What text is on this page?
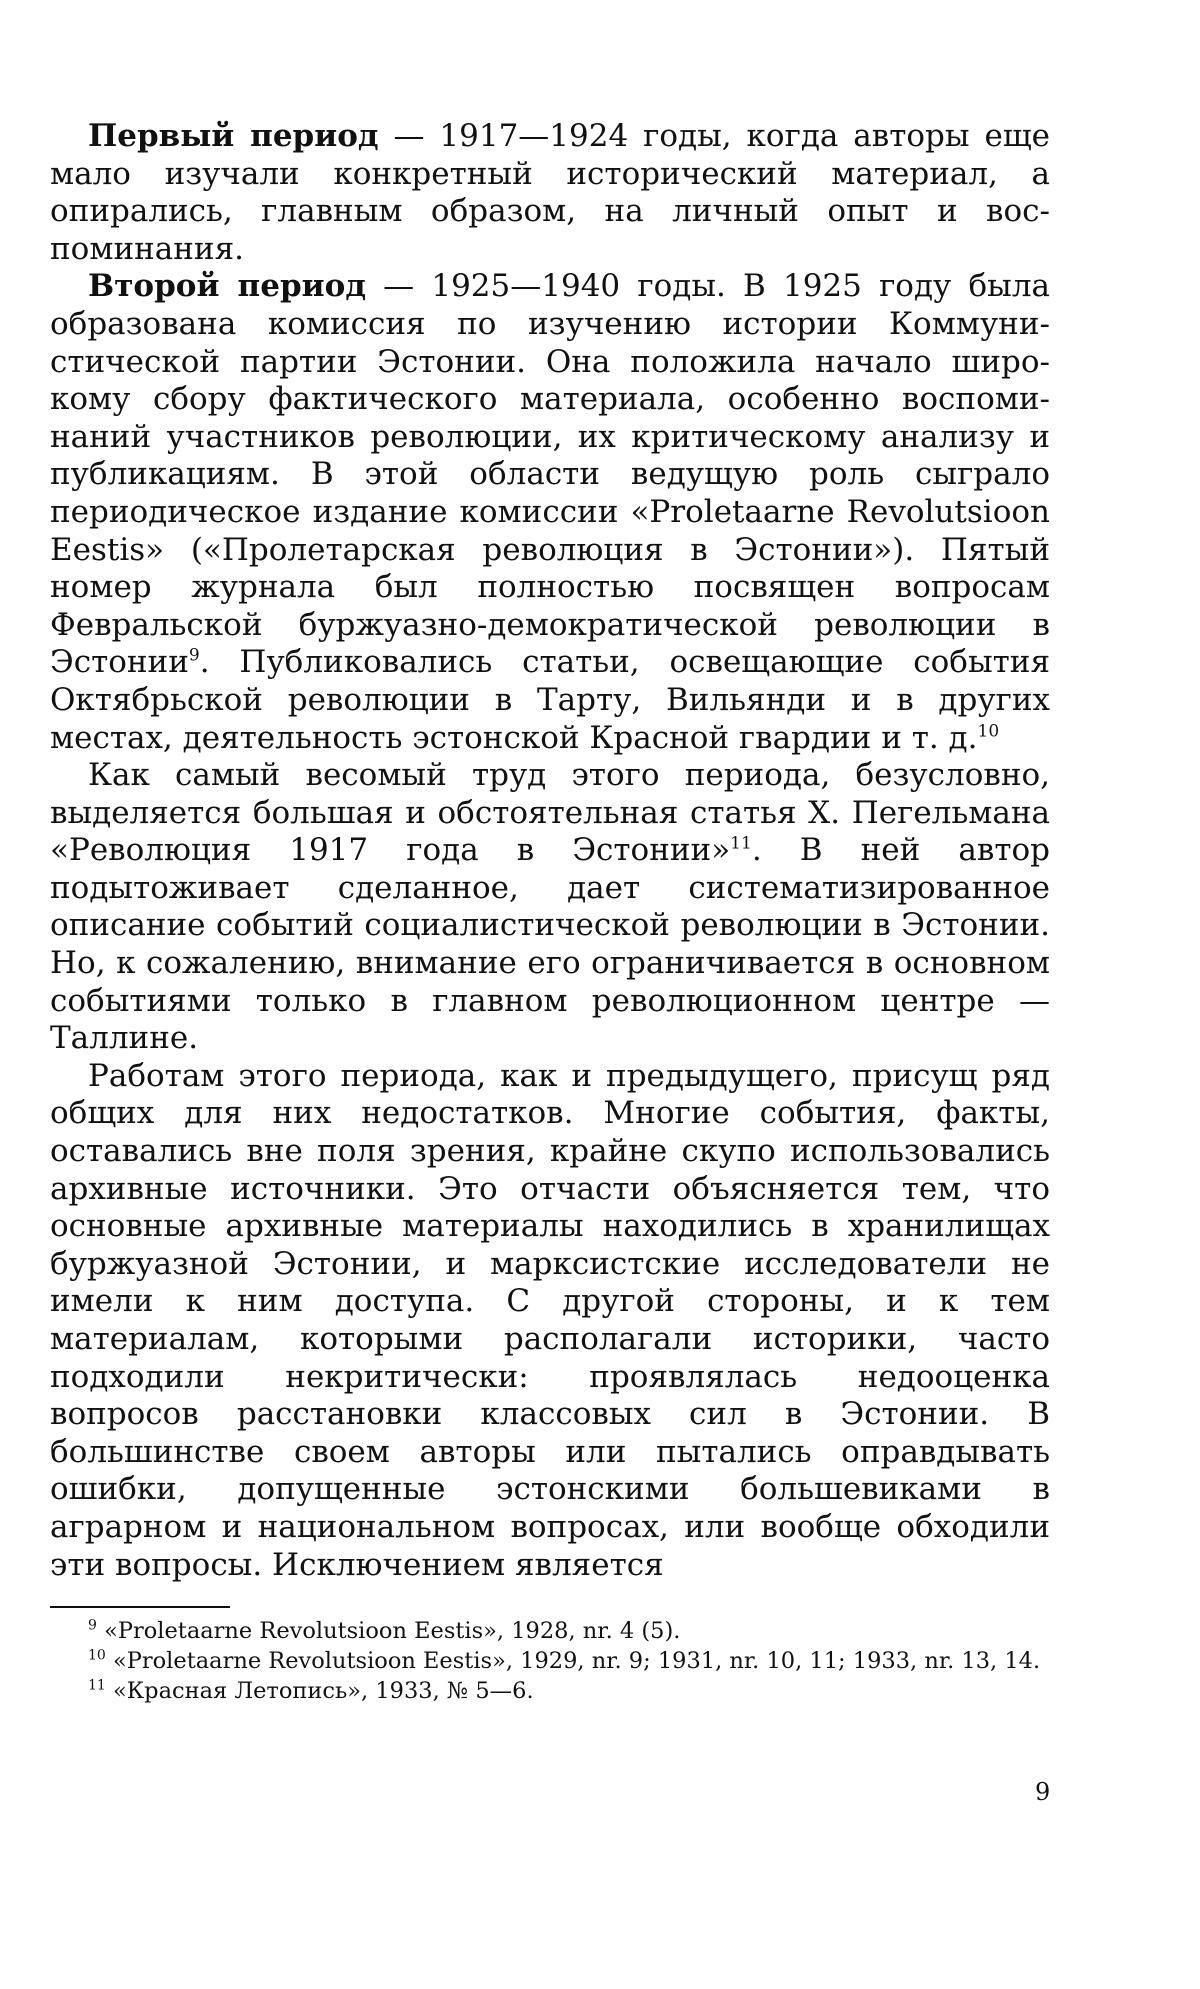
Первый период — 1917—1924 годы, когда авторы еще мало изучали конкретный исторический материал, а опирались, главным образом, на личный опыт и воспоминания.

Второй период — 1925—1940 годы. В 1925 году была образована комиссия по изучению истории Коммунистической партии Эстонии. Она положила начало широкому сбору фактического материала, особенно воспоминаний участников революции, их критическому анализу и публикациям. В этой области ведущую роль сыграло периодическое издание комиссии «Proletaarne Revolutsioon Eestis» («Пролетарская революция в Эстонии»). Пятый номер журнала был полностью посвящен вопросам Февральской буржуазно-демократической революции в Эстонии$^9$. Публиковались статьи, освещающие события Октябрьской революции в Тарту, Вильянди и в других местах, деятельность эстонской Красной гвардии и т. д.$^{10}$

Как самый весомый труд этого периода, безусловно, выделяется большая и обстоятельная статья Х. Пегельмана «Революция 1917 года в Эстонии»$^{11}$. В ней автор подытоживает сделанное, дает систематизированное описание событий социалистической революции в Эстонии. Но, к сожалению, внимание его ограничивается в основном событиями только в главном революционном центре — Таллине.

Работам этого периода, как и предыдущего, присущ ряд общих для них недостатков. Многие события, факты, оставались вне поля зрения, крайне скупо использовались архивные источники. Это отчасти объясняется тем, что основные архивные материалы находились в хранилищах буржуазной Эстонии, и марксистские исследователи не имели к ним доступа. С другой стороны, и к тем материалам, которыми располагали историки, часто подходили некритически: проявлялась недооценка вопросов расстановки классовых сил в Эстонии. В большинстве своем авторы или пытались оправдывать ошибки, допущенные эстонскими большевиками в аграрном и национальном вопросах, или вообще обходили эти вопросы. Исключением является

$^9$ «Proletaarne Revolutsioon Eestis», 1928, nr. 4 (5).

$^{10}$ «Proletaarne Revolutsioon Eestis», 1929, nr. 9; 1931, nr. 10, 11; 1933, nr. 13, 14.

$^{11}$ «Красная Летопись», 1933, № 5—6.

9
